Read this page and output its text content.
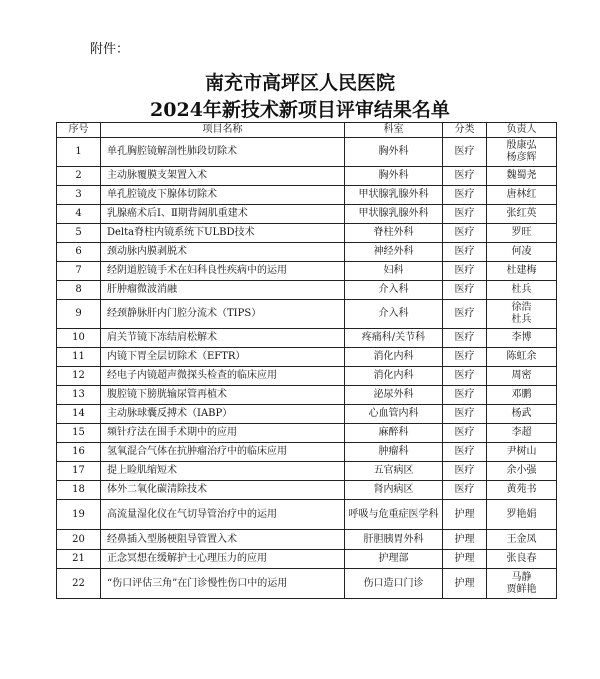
附件：
南充市高坪区人民医院
2024年新技术新项目评审结果名单
序号	项目名称	科室	分类	负责人
1	单孔胸腔镜解剖性肺段切除术	胸外科	医疗	殷康弘
杨彦辉

2	主动脉覆膜支架置入术	胸外科	医疗	魏蜀尧

3	单孔腔镜皮下腺体切除术	甲状腺乳腺外科	医疗	唐林红

4	乳腺癌术后Ⅰ、Ⅱ期背阔肌重建术	甲状腺乳腺外科	医疗	张红英

5	Delta脊柱内镜系统下ULBD技术	脊柱外科	医疗	罗旺

6	颈动脉内膜剥脱术	神经外科	医疗	何凌

7	经阴道腔镜手术在妇科良性疾病中的运用	妇科	医疗	杜建梅

8	肝肿瘤微波消融	介入科	医疗	杜兵

9	经颈静脉肝内门腔分流术（TIPS）	介入科	医疗	徐浩
杜兵

10	肩关节镜下冻结肩松解术	疼痛科/关节科	医疗	李博

11	内镜下胃全层切除术（EFTR）	消化内科	医疗	陈虹余

12	经电子内镜超声微探头检查的临床应用	消化内科	医疗	周密

13	腹腔镜下膀胱输尿管再植术	泌尿外科	医疗	邓鹏

14	主动脉球囊反搏术（IABP）	心血管内科	医疗	杨武

15	频针疗法在围手术期中的应用	麻醉科	医疗	李超

16	氢氧混合气体在抗肿瘤治疗中的临床应用	肿瘤科	医疗	尹树山

17	提上睑肌缩短术	五官病区	医疗	余小强

18	体外二氧化碳清除技术	肾内病区	医疗	黄苑书

19	高流量湿化仪在气切导管治疗中的运用	呼吸与危重症医学科	护理	罗艳娟

20	经鼻插入型肠梗阻导管置入术	肝胆胰胃外科	护理	王金凤

21	正念冥想在缓解护士心理压力的应用	护理部	护理	张良春

22	“伤口评估三角”在门诊慢性伤口中的运用	伤口造口门诊	护理	马静
贾鲜艳
